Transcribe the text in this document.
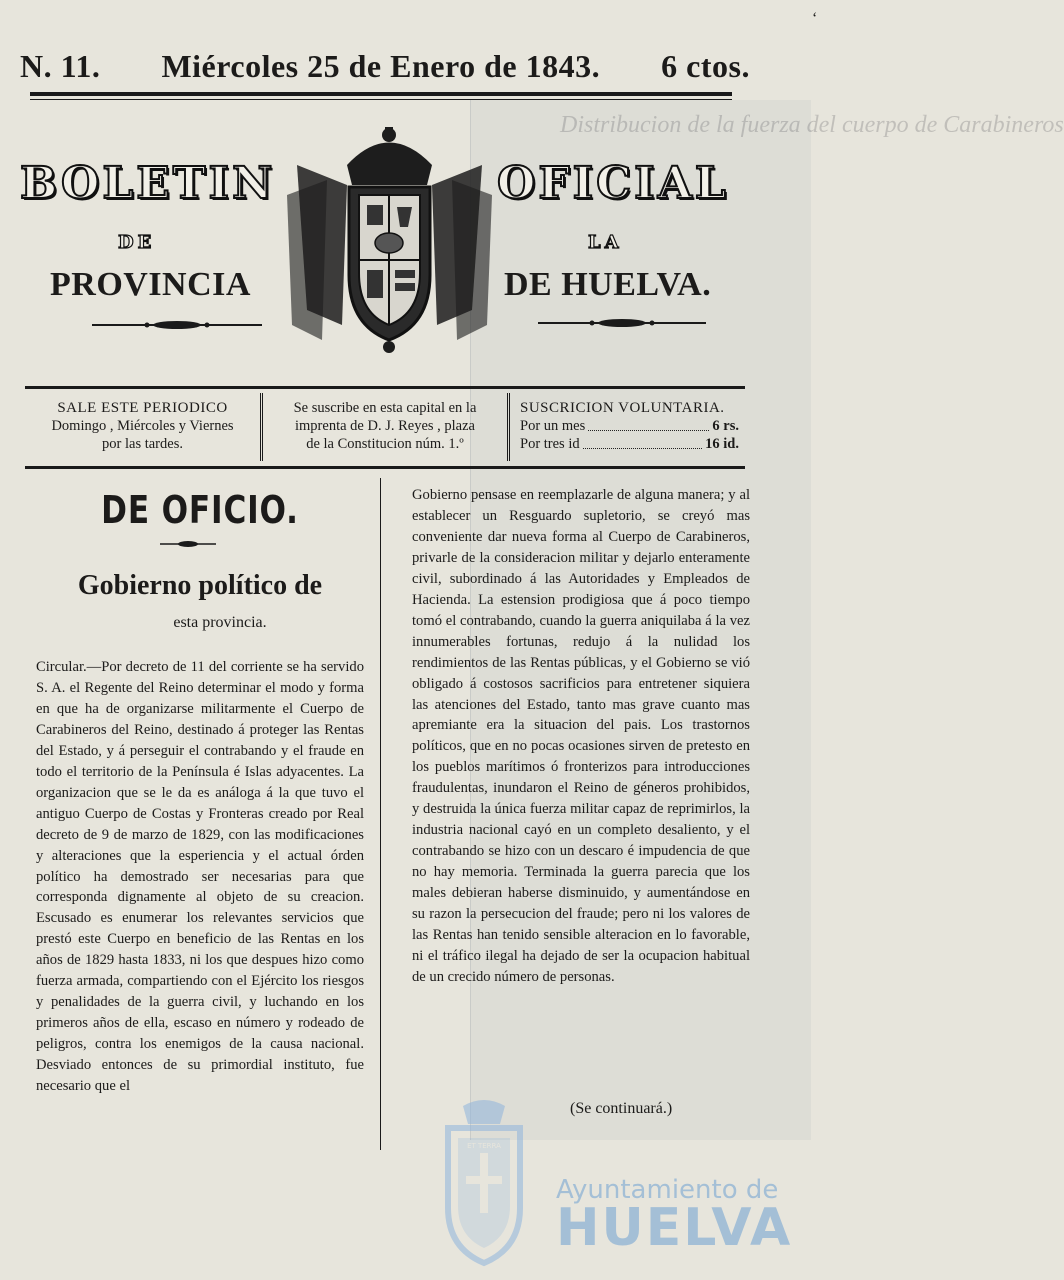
Distribucion de la fuerza del cuerpo de Carabineros
‘
N. 11. Miércoles 25 de Enero de 1843. 6 ctos.
BOLETIN	OFICIAL
DE	LA
PROVINCIA	DE HUELVA.
SALE ESTE PERIODICO
Domingo , Miércoles y Viernes
por las tardes.
Se suscribe en esta capital en la
imprenta de D. J. Reyes , plaza
de la Constitucion núm. 1.º
SUSCRICION VOLUNTARIA.
Por un mes	6 rs.
Por tres id	16 id.
DE OFICIO.
Gobierno político de
esta provincia.

Circular.—Por decreto de 11 del corriente se ha servido S. A. el Regente del Reino determinar el modo y forma en que ha de organizarse militarmente el Cuerpo de Carabineros del Reino, destinado á proteger las Rentas del Estado, y á perseguir el contrabando y el fraude en todo el territorio de la Península é Islas adyacentes. La organizacion que se le da es análoga á la que tuvo el antiguo Cuerpo de Costas y Fronteras creado por Real decreto de 9 de marzo de 1829, con las modificaciones y alteraciones que la esperiencia y el actual órden político ha demostrado ser necesarias para que corresponda dignamente al objeto de su creacion. Escusado es enumerar los relevantes servicios que prestó este Cuerpo en beneficio de las Rentas en los años de 1829 hasta 1833, ni los que despues hizo como fuerza armada, compartiendo con el Ejército los riesgos y penalidades de la guerra civil, y luchando en los primeros años de ella, escaso en número y rodeado de peligros, contra los enemigos de la causa nacional. Desviado entonces de su primordial instituto, fue necesario que el

Gobierno pensase en reemplazarle de alguna manera; y al establecer un Resguardo supletorio, se creyó mas conveniente dar nueva forma al Cuerpo de Carabineros, privarle de la consideracion militar y dejarlo enteramente civil, subordinado á las Autoridades y Empleados de Hacienda. La estension prodigiosa que á poco tiempo tomó el contrabando, cuando la guerra aniquilaba á la vez innumerables fortunas, redujo á la nulidad los rendimientos de las Rentas públicas, y el Gobierno se vió obligado á costosos sacrificios para entretener siquiera las atenciones del Estado, tanto mas grave cuanto mas apremiante era la situacion del pais. Los trastornos políticos, que en no pocas ocasiones sirven de pretesto en los pueblos marítimos ó fronterizos para introducciones fraudulentas, inundaron el Reino de géneros prohibidos, y destruida la única fuerza militar capaz de reprimirlos, la industria nacional cayó en un completo desaliento, y el contrabando se hizo con un descaro é impudencia de que no hay memoria. Terminada la guerra parecia que los males debieran haberse disminuido, y aumentándose en su razon la persecucion del fraude; pero ni los valores de las Rentas han tenido sensible alteracion en lo favorable, ni el tráfico ilegal ha dejado de ser la ocupacion habitual de un crecido número de personas.

(Se continuará.)
ET TERRA
Ayuntamiento de
HUELVA
